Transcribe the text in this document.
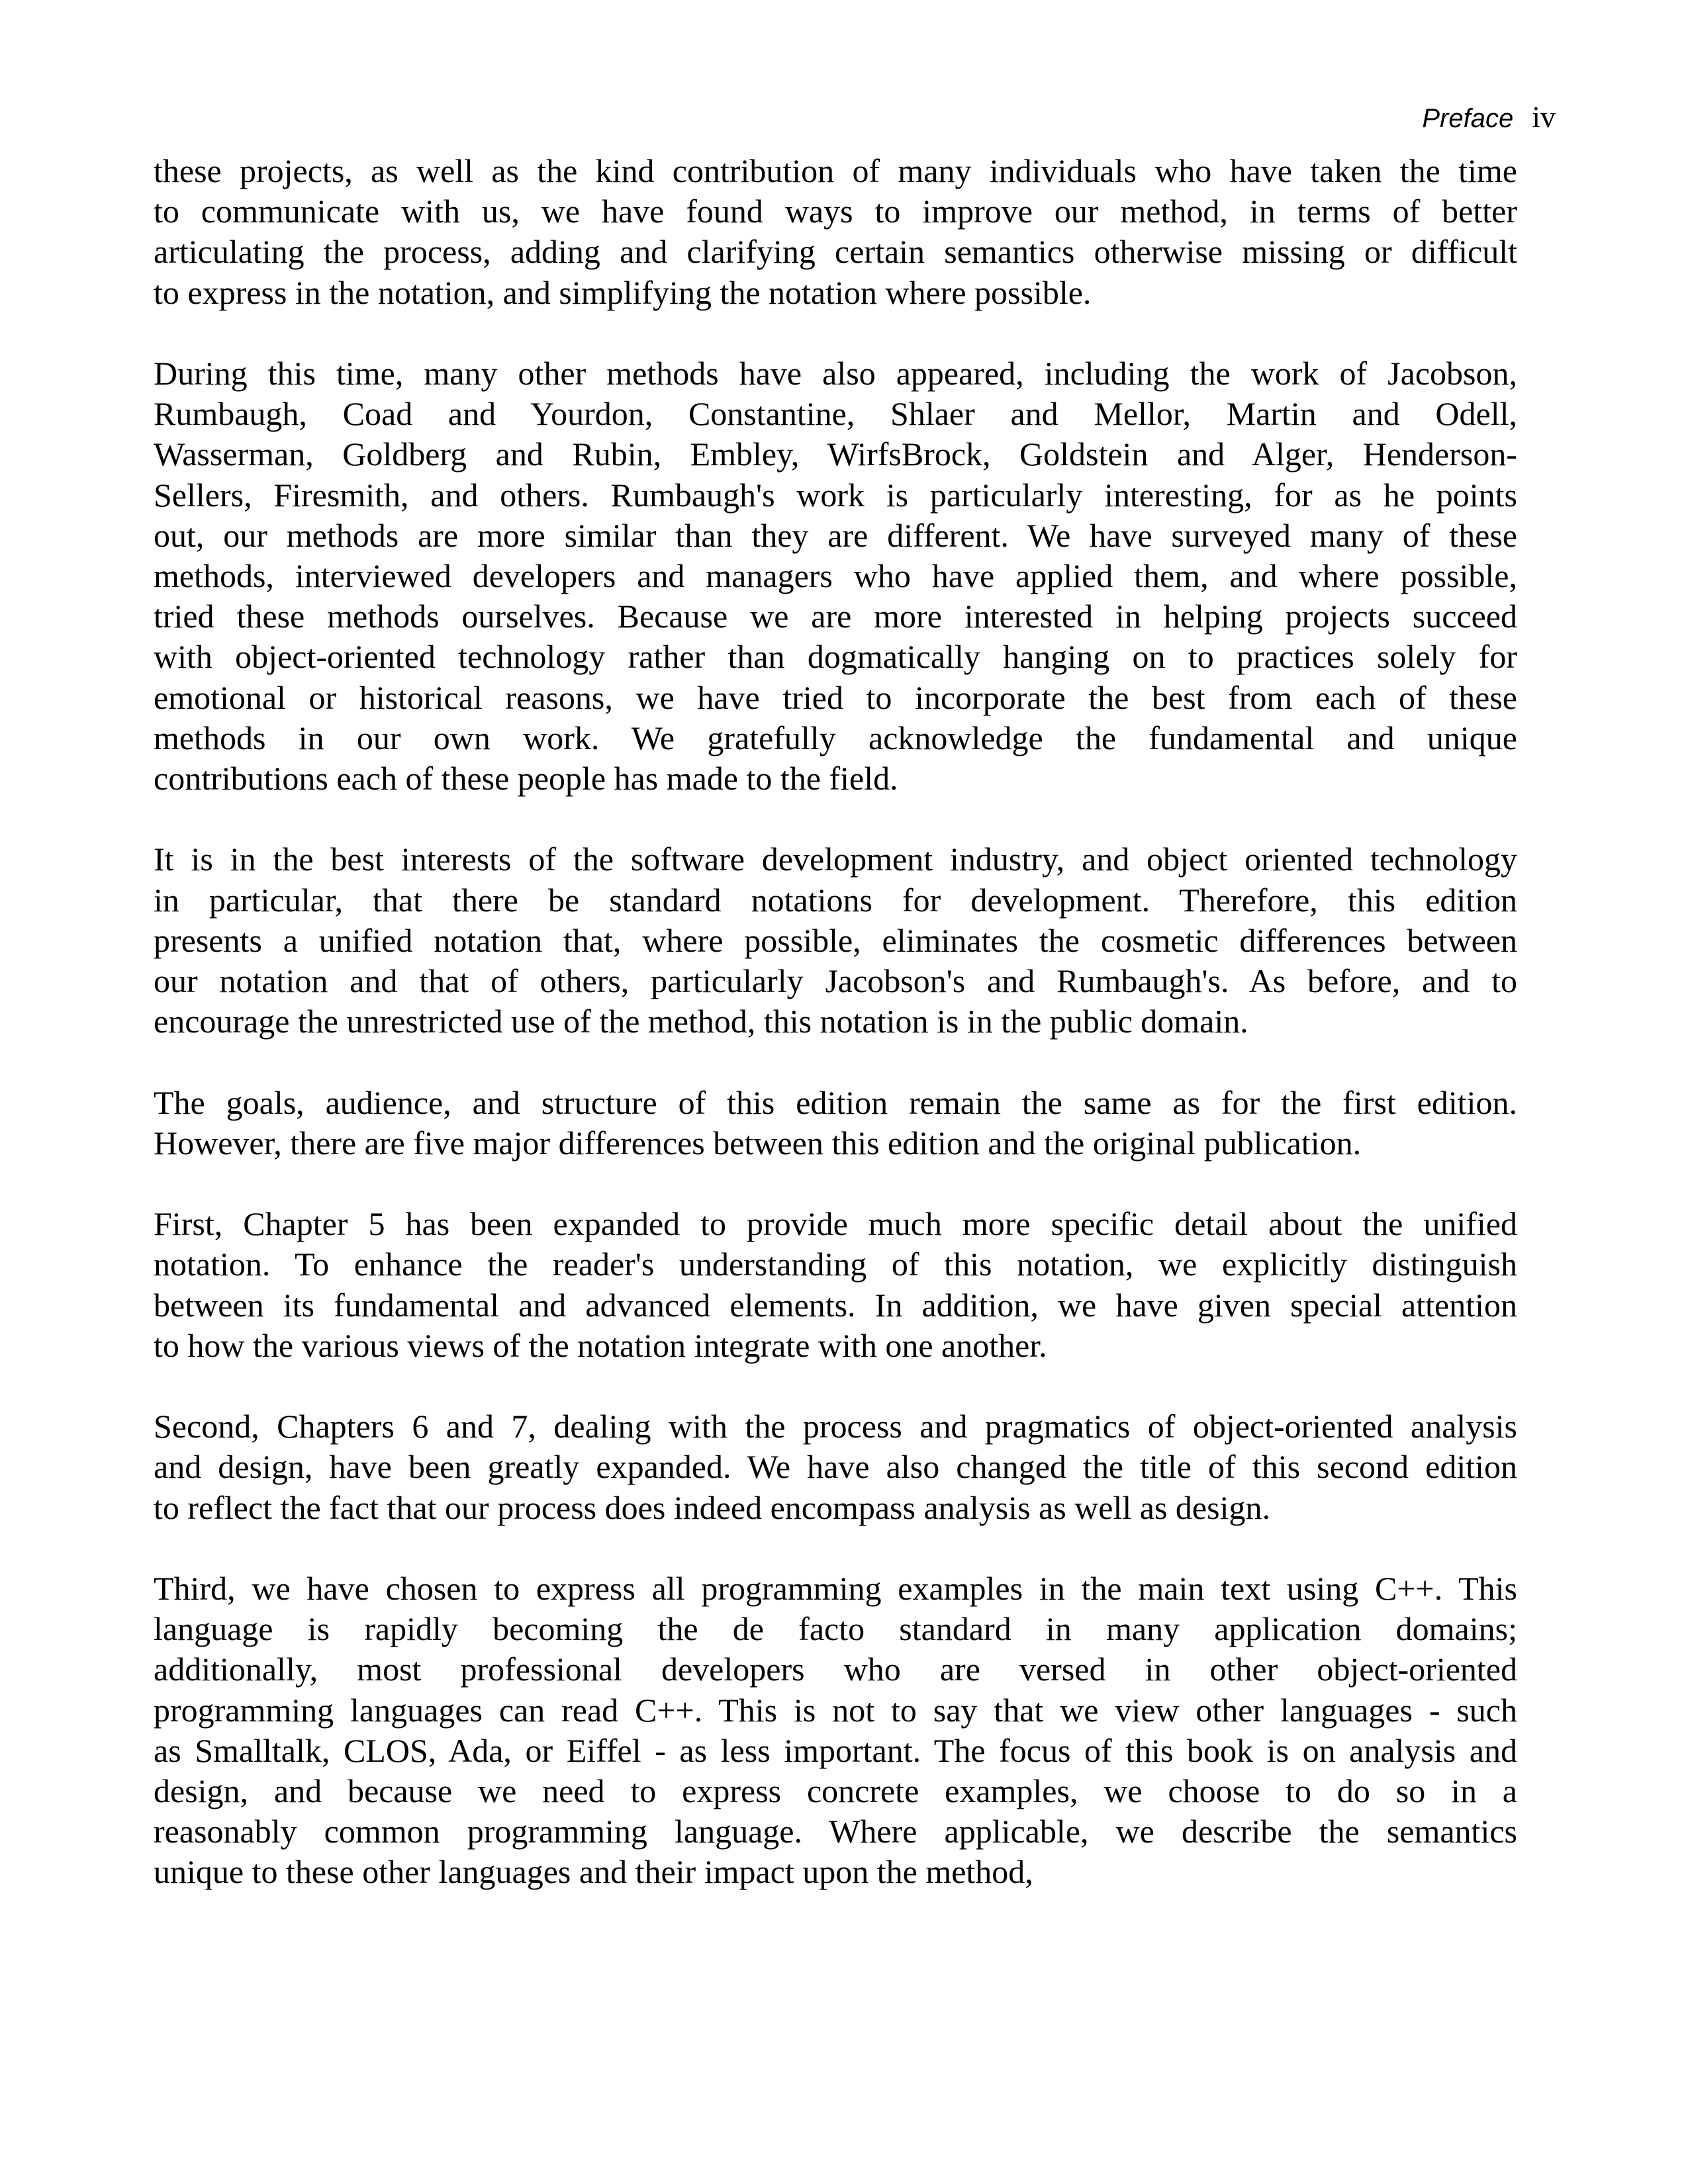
Preface iv

these projects, as well as the kind contribution of many individuals who have taken the time
to communicate with us, we have found ways to improve our method, in terms of better
articulating the process, adding and clarifying certain semantics otherwise missing or difficult
to express in the notation, and simplifying the notation where possible.

During this time, many other methods have also appeared, including the work of Jacobson,
Rumbaugh, Coad and Yourdon, Constantine, Shlaer and Mellor, Martin and Odell,
Wasserman, Goldberg and Rubin, Embley, WirfsBrock, Goldstein and Alger, Henderson-
Sellers, Firesmith, and others. Rumbaugh's work is particularly interesting, for as he points
out, our methods are more similar than they are different. We have surveyed many of these
methods, interviewed developers and managers who have applied them, and where possible,
tried these methods ourselves. Because we are more interested in helping projects succeed
with object-oriented technology rather than dogmatically hanging on to practices solely for
emotional or historical reasons, we have tried to incorporate the best from each of these
methods in our own work. We gratefully acknowledge the fundamental and unique
contributions each of these people has made to the field.

It is in the best interests of the software development industry, and object oriented technology
in particular, that there be standard notations for development. Therefore, this edition
presents a unified notation that, where possible, eliminates the cosmetic differences between
our notation and that of others, particularly Jacobson's and Rumbaugh's. As before, and to
encourage the unrestricted use of the method, this notation is in the public domain.

The goals, audience, and structure of this edition remain the same as for the first edition.
However, there are five major differences between this edition and the original publication.

First, Chapter 5 has been expanded to provide much more specific detail about the unified
notation. To enhance the reader's understanding of this notation, we explicitly distinguish
between its fundamental and advanced elements. In addition, we have given special attention
to how the various views of the notation integrate with one another.

Second, Chapters 6 and 7, dealing with the process and pragmatics of object-oriented analysis
and design, have been greatly expanded. We have also changed the title of this second edition
to reflect the fact that our process does indeed encompass analysis as well as design.

Third, we have chosen to express all programming examples in the main text using C++. This
language is rapidly becoming the de facto standard in many application domains;
additionally, most professional developers who are versed in other object-oriented
programming languages can read C++. This is not to say that we view other languages - such
as Smalltalk, CLOS, Ada, or Eiffel - as less important. The focus of this book is on analysis and
design, and because we need to express concrete examples, we choose to do so in a
reasonably common programming language. Where applicable, we describe the semantics
unique to these other languages and their impact upon the method,
